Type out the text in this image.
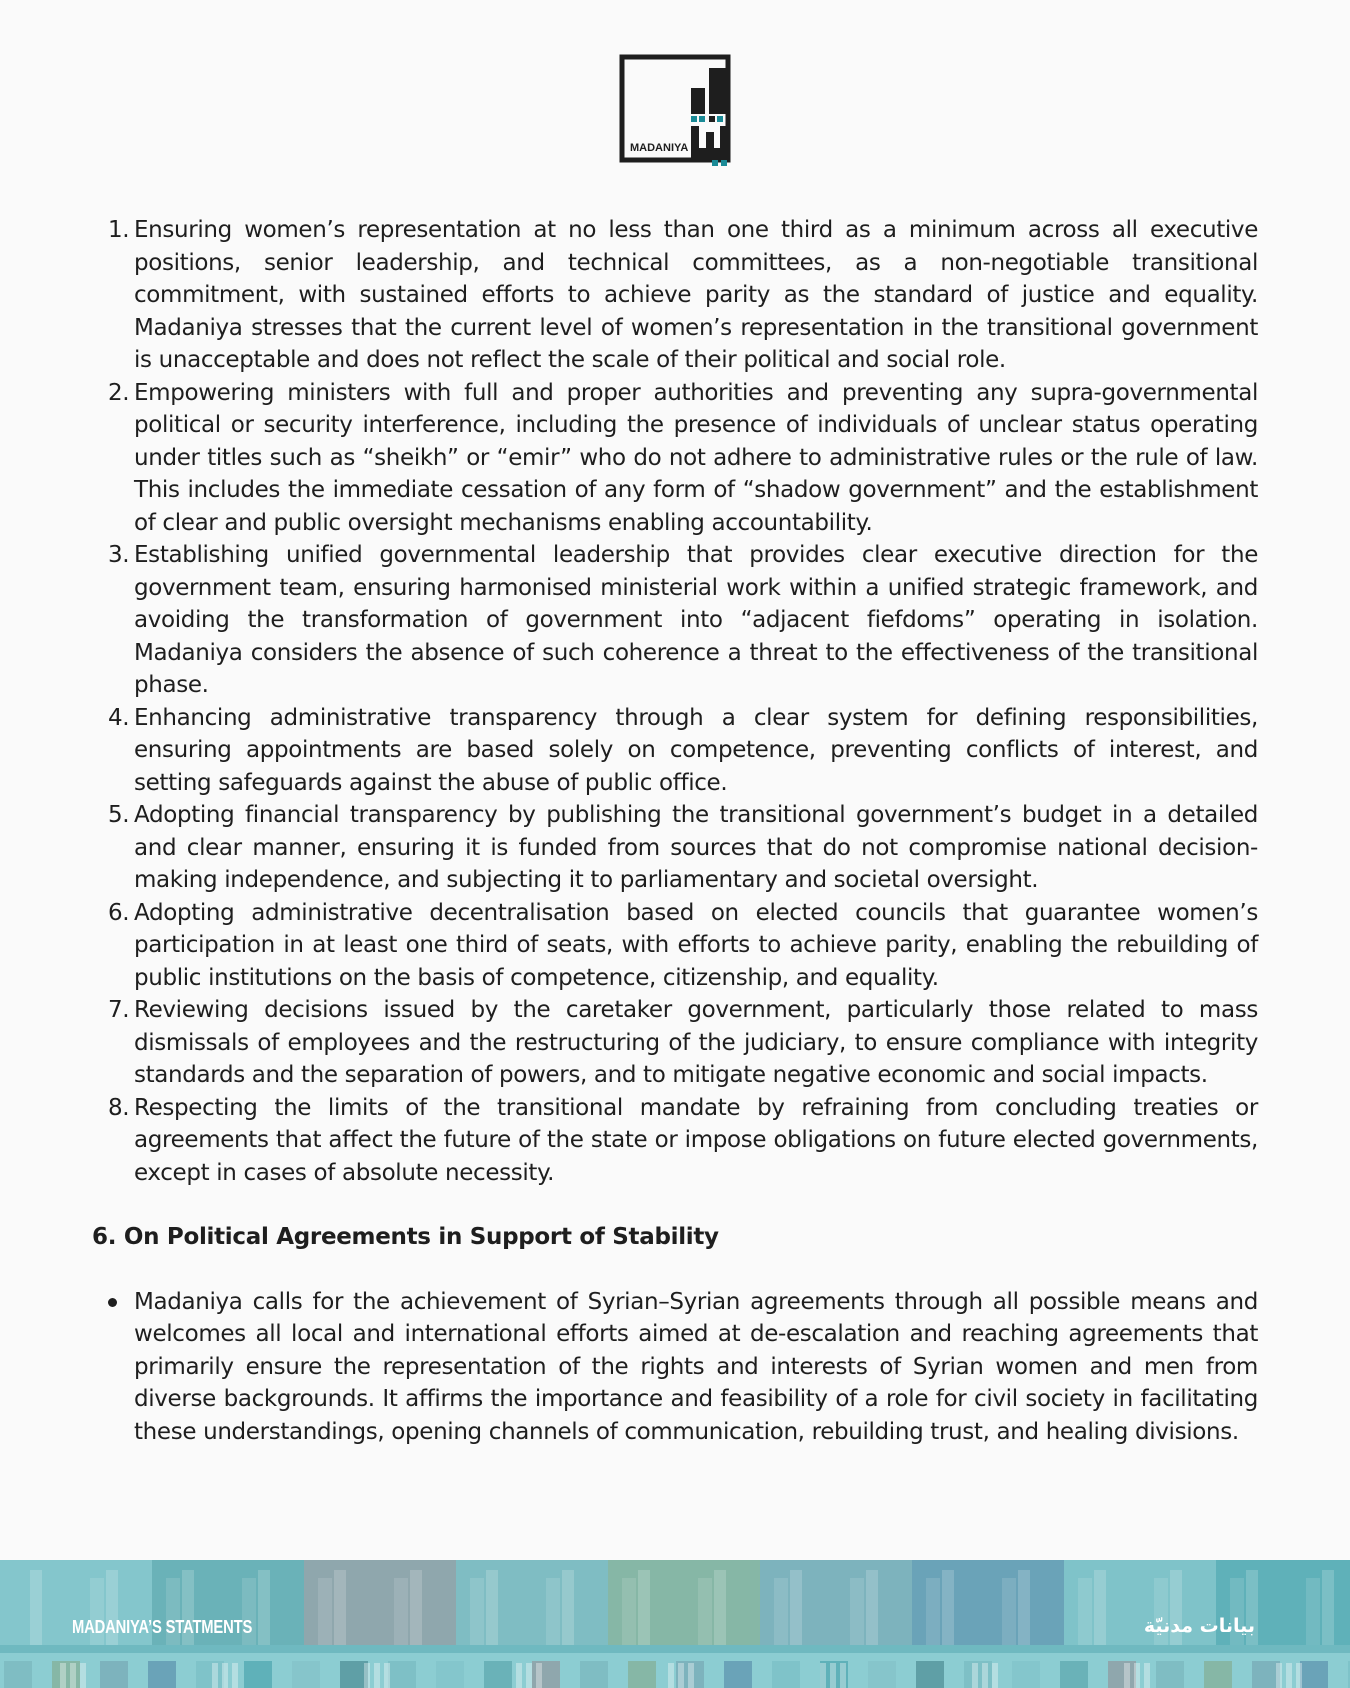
MADANIYA
1. Ensuring women’s representation at no less than one third as a minimum across all executive positions, senior leadership, and technical committees, as a non-negotiable transitional commitment, with sustained efforts to achieve parity as the standard of justice and equality. Madaniya stresses that the current level of women’s representation in the transitional government is unacceptable and does not reflect the scale of their political and social role.
2. Empowering ministers with full and proper authorities and preventing any supra-governmental political or security interference, including the presence of individuals of unclear status operating under titles such as “sheikh” or “emir” who do not adhere to administrative rules or the rule of law. This includes the immediate cessation of any form of “shadow government” and the establishment of clear and public oversight mechanisms enabling accountability.
3. Establishing unified governmental leadership that provides clear executive direction for the government team, ensuring harmonised ministerial work within a unified strategic framework, and avoiding the transformation of government into “adjacent fiefdoms” operating in isolation. Madaniya considers the absence of such coherence a threat to the effectiveness of the transitional phase.
4. Enhancing administrative transparency through a clear system for defining responsibilities, ensuring appointments are based solely on competence, preventing conflicts of interest, and setting safeguards against the abuse of public office.
5. Adopting financial transparency by publishing the transitional government’s budget in a detailed and clear manner, ensuring it is funded from sources that do not compromise national decision-making independence, and subjecting it to parliamentary and societal oversight.
6. Adopting administrative decentralisation based on elected councils that guarantee women’s participation in at least one third of seats, with efforts to achieve parity, enabling the rebuilding of public institutions on the basis of competence, citizenship, and equality.
7. Reviewing decisions issued by the caretaker government, particularly those related to mass dismissals of employees and the restructuring of the judiciary, to ensure compliance with integrity standards and the separation of powers, and to mitigate negative economic and social impacts.
8. Respecting the limits of the transitional mandate by refraining from concluding treaties or agreements that affect the future of the state or impose obligations on future elected governments, except in cases of absolute necessity.
6. On Political Agreements in Support of Stability
Madaniya calls for the achievement of Syrian–Syrian agreements through all possible means and welcomes all local and international efforts aimed at de-escalation and reaching agreements that primarily ensure the representation of the rights and interests of Syrian women and men from diverse backgrounds. It affirms the importance and feasibility of a role for civil society in facilitating these understandings, opening channels of communication, rebuilding trust, and healing divisions.
MADANIYA’S STATMENTS	بيانات مدنيّة
